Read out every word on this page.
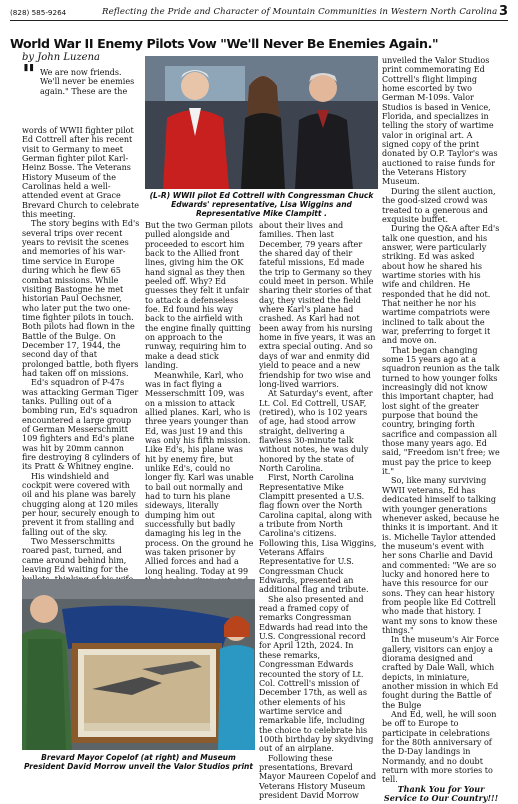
(828) 585-9264	Reflecting the Pride and Character of Mountain Communities in Western North Carolina 3
World War II Enemy Pilots Vow "We'll Never Be Enemies Again."
by John Luzena
" We are now friends. We'll never be enemies again." These are the

words of WWII fighter pilot Ed Cottrell after his recent visit to Germany to meet German fighter pilot Karl-Heinz Bosse. The Veterans History Museum of the Carolinas held a well-attended event at Grace Brevard Church to celebrate this meeting.

The story begins with Ed's several trips over recent years to revisit the scenes and memories of his war-time service in Europe during which he flew 65 combat missions. While visiting Bastogne he met historian Paul Oechsner, who later put the two one-time fighter pilots in touch. Both pilots had flown in the Battle of the Bulge. On December 17, 1944, the second day of that prolonged battle, both flyers had taken off on missions.

Ed's squadron of P-47s was attacking German Tiger tanks. Pulling out of a bombing run, Ed's squadron encountered a large group of German Messerschmitt 109 fighters and Ed's plane was hit by 20mm cannon fire destroying 8 cylinders of its Pratt & Whitney engine.

His windshield and cockpit were covered with oil and his plane was barely chugging along at 120 miles per hour, securely enough to prevent it from stalling and falling out of the sky.

Two Messerschmitts roared past, turned, and came around behind him, leaving Ed waiting for the

(L-R) WWII pilot Ed Cottrell with Congressman Chuck Edwards' representative, Lisa Wiggins and Representative Mike Clampitt .

But the two German pilots pulled alongside and proceeded to escort him back to the Allied front lines, giving him the OK hand signal as they then peeled off. Why? Ed guesses they felt it unfair to attack a defenseless foe. Ed found his way back to the airfield with the engine finally quitting on approach to the runway, requiring him to make a dead stick landing.

Meanwhile, Karl, who was in fact flying a Messerschmitt 109, was on a mission to attack allied planes. Karl, who is three years younger than Ed, was just 19 and this was only his fifth mission. Like Ed's, his plane was hit by enemy fire, but unlike Ed's, could no longer fly. Karl was unable to bail out normally and had to turn his plane sideways, literally dumping him out successfully but badly damaging his leg in the process. On the ground he was taken prisoner by Allied forces and had a long healing. Today at 99

about their lives and families. Then last December, 79 years after the shared day of their fateful missions, Ed made the trip to Germany so they could meet in person. While sharing their stories of that day, they visited the field where Karl's plane had crashed. As Karl had not been away from his nursing home in five years, it was an extra special outing. And so days of war and enmity did yield to peace and a new friendship for two wise and long-lived warriors.

At Saturday's event, after Lt. Col. Ed Cottrell, USAF, (retired), who is 102 years of age, had stood arrow straight, delivering a flawless 30-minute talk without notes, he was duly honored by the state of North Carolina.

First, North Carolina Representative Mike Clampitt presented a U.S. flag flown over the North Carolina capital, along with a tribute from North Carolina's citizens. Following this, Lisa Wiggins, Veterans Affairs Representative for U.S. Congressman Chuck Edwards, presented an additional flag and tribute.

She also presented and read a framed copy of remarks Congressman Edwards had read into the U.S. Congressional record for April 12th, 2024. In these remarks, Congressman Edwards recounted the story of Lt. Col. Cottrell's mission of December 17th, as well as other elements of his wartime service and remarkable life, including the choice to celebrate his 100th birthday by skydiving out of an airplane.

Following these presentations, Brevard Mayor Maureen Copelof and Veterans History Museum president David Morrow

unveiled the Valor Studios print commemorating Ed Cottrell's flight limping home escorted by two German M-109s. Valor Studios is based in Venice, Florida, and specializes in telling the story of wartime valor in original art. A signed copy of the print donated by O.P. Taylor's was auctioned to raise funds for the Veterans History Museum.

During the silent auction, the good-sized crowd was treated to a generous and exquisite buffet.

During the Q&A after Ed's talk one question, and his answer, were particularly striking. Ed was asked about how he shared his wartime stories with his wife and children. He responded that he did not. That neither he nor his wartime compatriots were inclined to talk about the war, preferring to forget it and move on.

That began changing some 15 years ago at a squadron reunion as the talk turned to how younger folks increasingly did not know this important chapter, had lost sight of the greater purpose that bound the country, bringing forth sacrifice and compassion all those many years ago. Ed said, "Freedom isn't free; we must pay the price to keep it."

So, like many surviving WWII veterans, Ed has dedicated himself to talking with younger generations whenever asked, because he thinks it is important. And it is. Michelle Taylor attended the museum's event with her sons Charlie and David and commented: "We are so lucky and honored here to have this resource for our sons. They can hear history from people like Ed Cottrell who made that history. I want my sons to know these things."

In the museum's Air Force gallery, visitors can enjoy a diorama designed and crafted by Dale Wall, which depicts, in miniature, another mission in which Ed fought during the Battle of the Bulge

And Ed, well, he will soon be off to Europe to participate in celebrations for the 80th anniversary of the D-Day landings in Normandy, and no doubt return with more stories to tell.

Thank You for Your Service to Our Country!!!
Brevard Mayor Copelof (at right) and Museum President David Morrow unveil the Valor Studios print
